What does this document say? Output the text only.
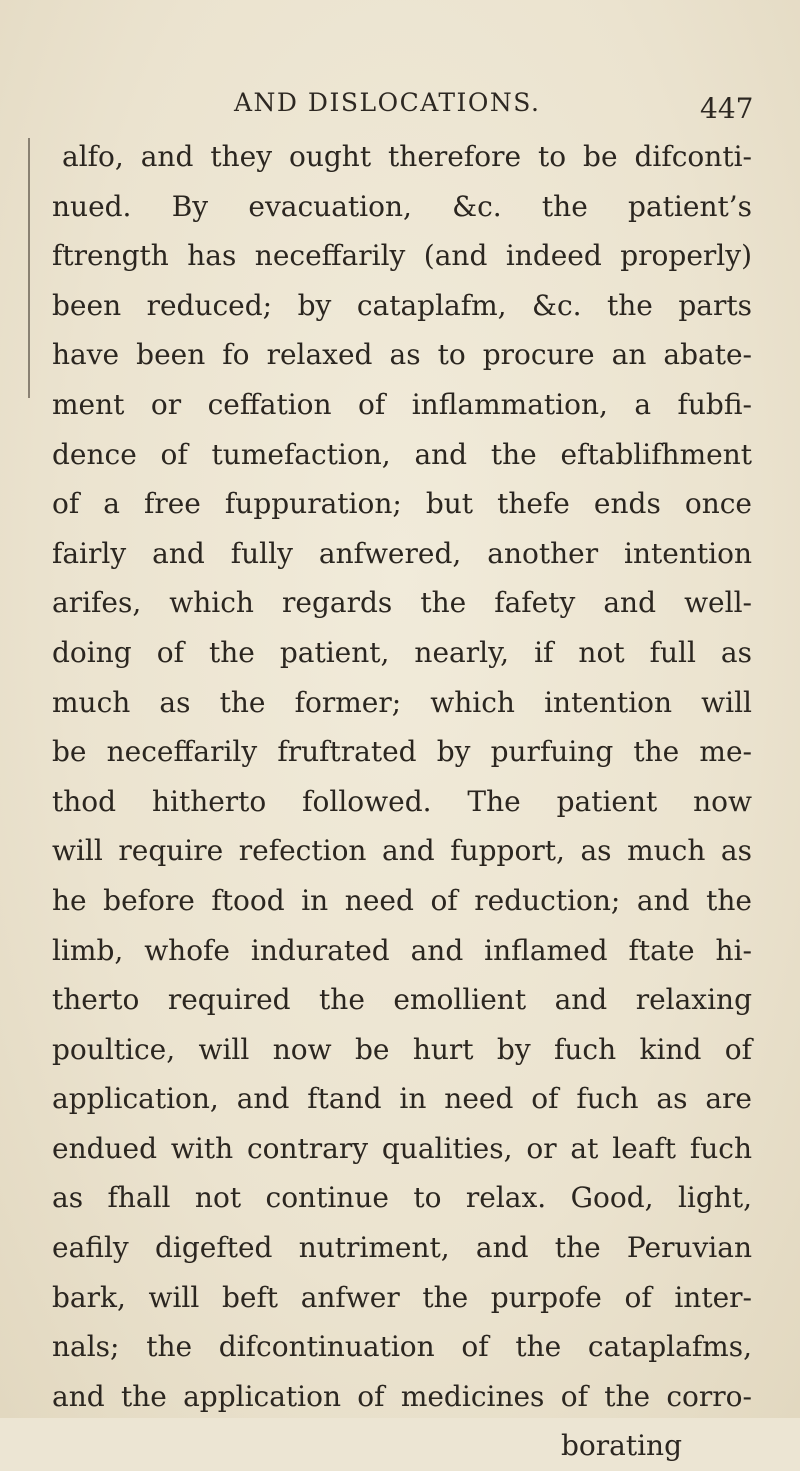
AND DISLOCATIONS.	447
alfo, and they ought therefore to be difconti-
nued. By evacuation, &c. the patient’s
ftrength has neceffarily (and indeed properly)
been reduced; by cataplafm, &c. the parts
have been fo relaxed as to procure an abate-
ment or ceffation of inflammation, a fubfi-
dence of tumefaction, and the eftablifhment
of a free fuppuration; but thefe ends once
fairly and fully anfwered, another intention
arifes, which regards the fafety and well-
doing of the patient, nearly, if not full as
much as the former; which intention will
be neceffarily fruftrated by purfuing the me-
thod hitherto followed. The patient now
will require refection and fupport, as much as
he before ftood in need of reduction; and the
limb, whofe indurated and inflamed ftate hi-
therto required the emollient and relaxing
poultice, will now be hurt by fuch kind of
application, and ftand in need of fuch as are
endued with contrary qualities, or at leaft fuch
as fhall not continue to relax. Good, light,
eafily digefted nutriment, and the Peruvian
bark, will beft anfwer the purpofe of inter-
nals; the difcontinuation of the cataplafms,
and the application of medicines of the corro-
borating
